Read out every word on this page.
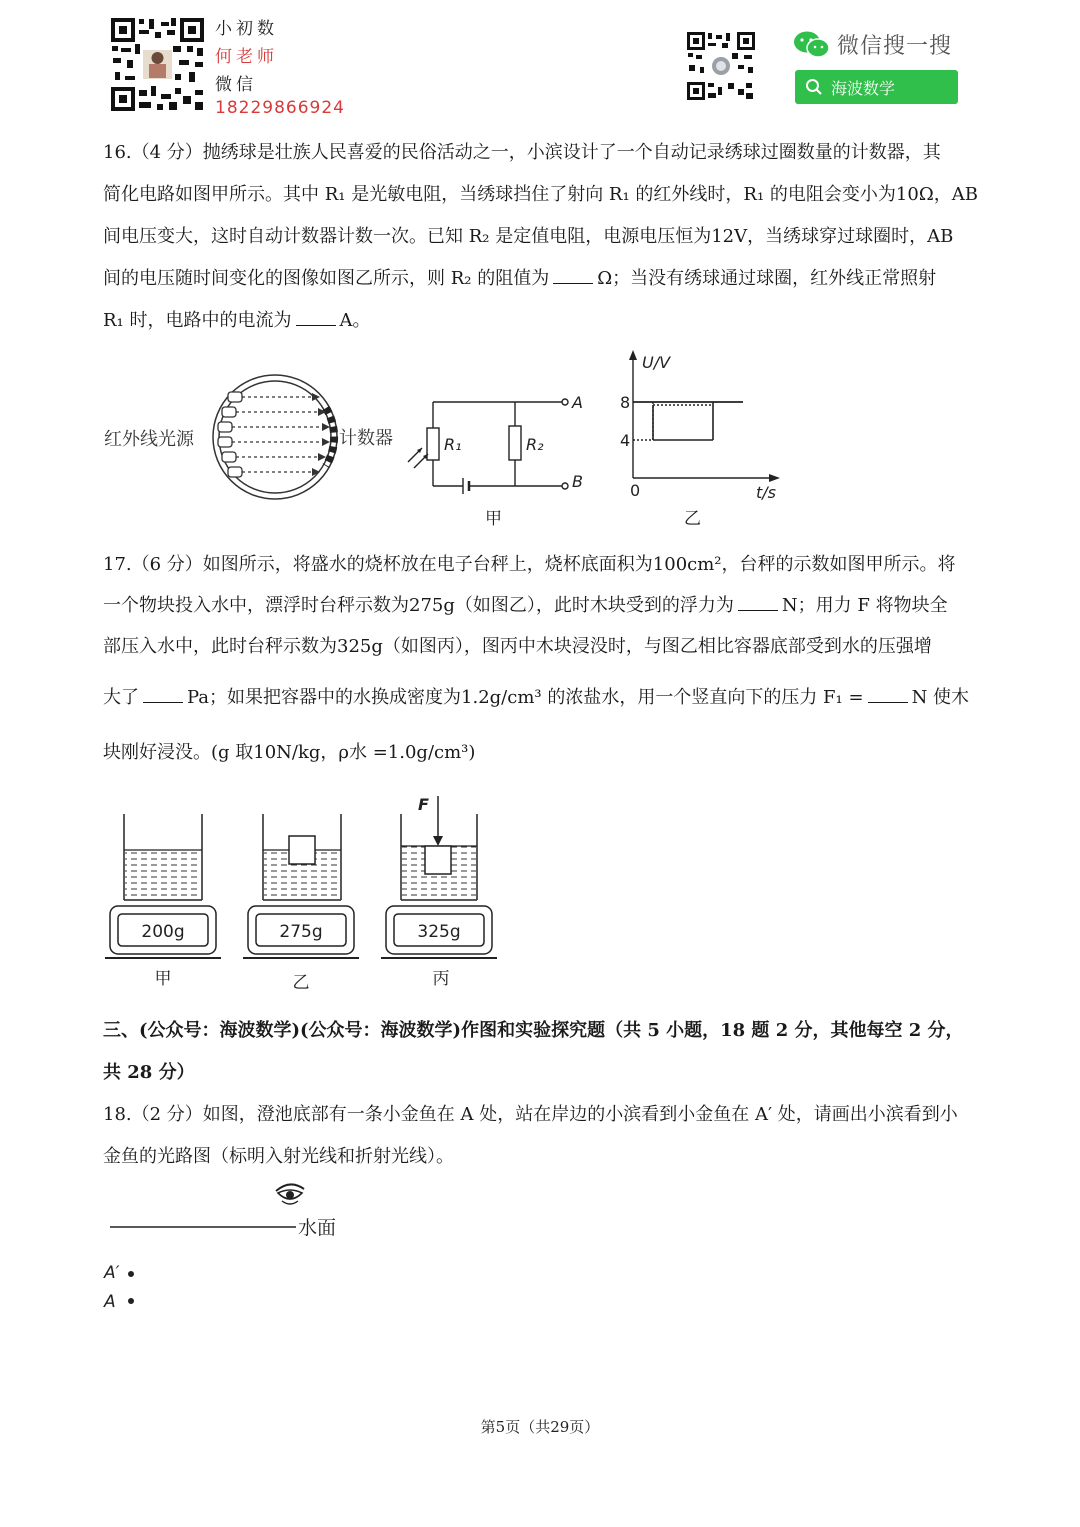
小初数
何老师
微信
18229866924
微信搜一搜
海波数学
16.（4 分）抛绣球是壮族人民喜爱的民俗活动之一，小滨设计了一个自动记录绣球过圈数量的计数器，其
简化电路如图甲所示。其中 R₁ 是光敏电阻，当绣球挡住了射向 R₁ 的红外线时，R₁ 的电阻会变小为10Ω，AB
间电压变大，这时自动计数器计数一次。已知 R₂ 是定值电阻，电源电压恒为12V，当绣球穿过球圈时，AB
间的电压随时间变化的图像如图乙所示，则 R₂ 的阻值为	Ω；当没有绣球通过球圈，红外线正常照射
R₁ 时，电路中的电流为	A。
红外线光源	计数器	R₁	R₂
A
B
甲
U/V
8
4
0	t/s
乙
17.（6 分）如图所示，将盛水的烧杯放在电子台秤上，烧杯底面积为100cm²，台秤的示数如图甲所示。将
一个物块投入水中，漂浮时台秤示数为275g（如图乙），此时木块受到的浮力为	N；用力 F 将物块全
部压入水中，此时台秤示数为325g（如图丙），图丙中木块浸没时，与图乙相比容器底部受到水的压强增
大了	Pa；如果把容器中的水换成密度为1.2g/cm³ 的浓盐水，用一个竖直向下的压力 F₁ =	N 使木
块刚好浸没。(g 取10N/kg，ρ水 =1.0g/cm³)
200g
甲
275g
乙
F
325g
丙
三、(公众号：海波数学)(公众号：海波数学)作图和实验探究题（共 5 小题，18 题 2 分，其他每空 2 分，
共 28 分）
18.（2 分）如图，澄池底部有一条小金鱼在 A 处，站在岸边的小滨看到小金鱼在 A′ 处，请画出小滨看到小
金鱼的光路图（标明入射光线和折射光线）。
水面
A′
A
第5页（共29页）
